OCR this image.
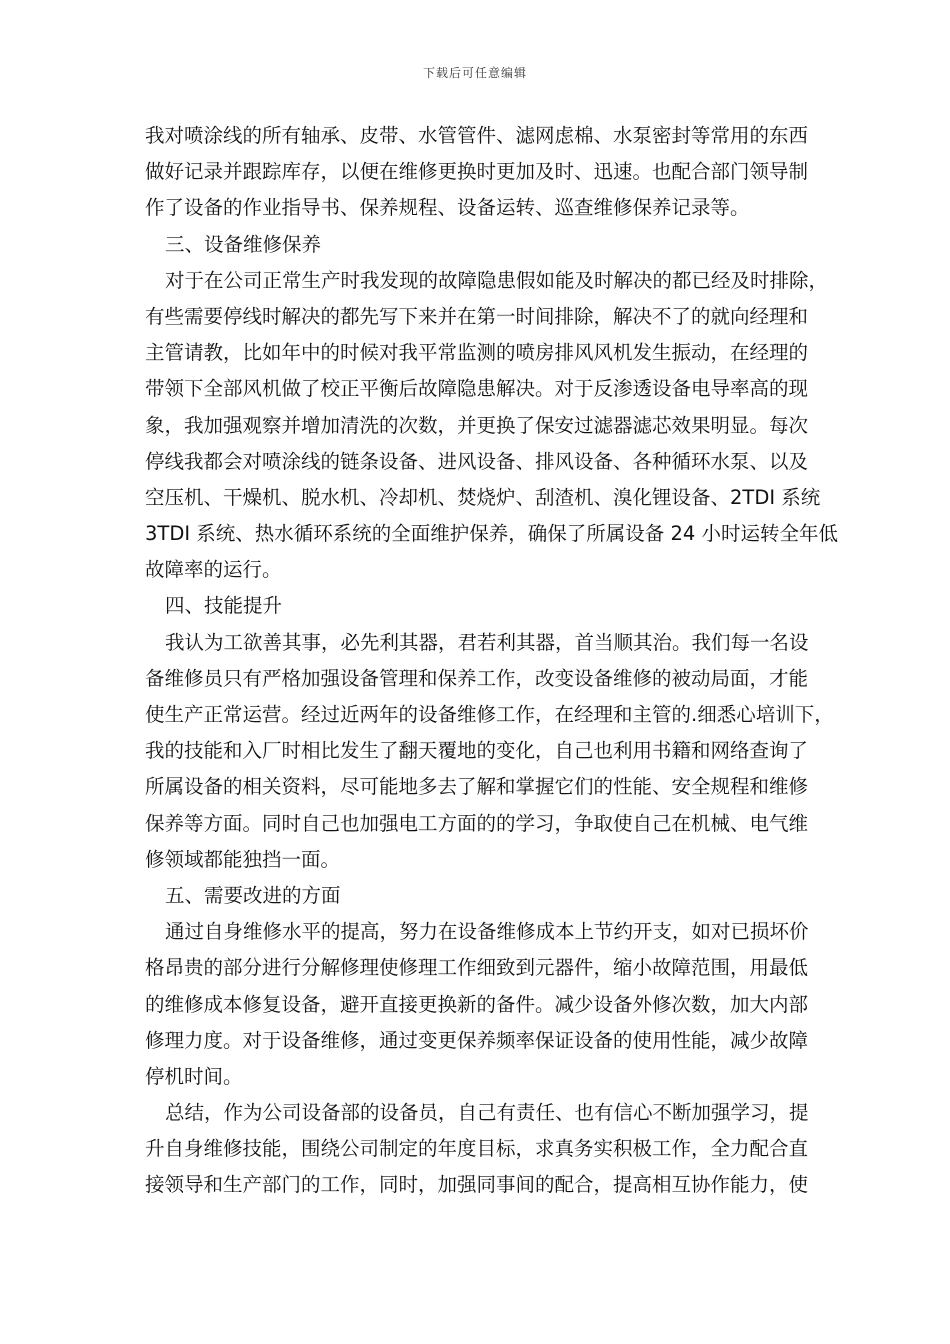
下载后可任意编辑
我对喷涂线的所有轴承、皮带、水管管件、滤网虑棉、水泵密封等常用的东西
做好记录并跟踪库存，以便在维修更换时更加及时、迅速。也配合部门领导制
作了设备的作业指导书、保养规程、设备运转、巡查维修保养记录等。
三、设备维修保养
对于在公司正常生产时我发现的故障隐患假如能及时解决的都已经及时排除，
有些需要停线时解决的都先写下来并在第一时间排除，解决不了的就向经理和
主管请教，比如年中的时候对我平常监测的喷房排风风机发生振动，在经理的
带领下全部风机做了校正平衡后故障隐患解决。对于反渗透设备电导率高的现
象，我加强观察并增加清洗的次数，并更换了保安过滤器滤芯效果明显。每次
停线我都会对喷涂线的链条设备、进风设备、排风设备、各种循环水泵、以及
空压机、干燥机、脱水机、冷却机、焚烧炉、刮渣机、溴化锂设备、2TDI 系统
3TDI 系统、热水循环系统的全面维护保养，确保了所属设备 24 小时运转全年低
故障率的运行。
四、技能提升
我认为工欲善其事，必先利其器，君若利其器，首当顺其治。我们每一名设
备维修员只有严格加强设备管理和保养工作，改变设备维修的被动局面，才能
使生产正常运营。经过近两年的设备维修工作，在经理和主管的.细悉心培训下，
我的技能和入厂时相比发生了翻天覆地的变化，自己也利用书籍和网络查询了
所属设备的相关资料，尽可能地多去了解和掌握它们的性能、安全规程和维修
保养等方面。同时自己也加强电工方面的的学习，争取使自己在机械、电气维
修领域都能独挡一面。
五、需要改进的方面
通过自身维修水平的提高，努力在设备维修成本上节约开支，如对已损坏价
格昂贵的部分进行分解修理使修理工作细致到元器件，缩小故障范围，用最低
的维修成本修复设备，避开直接更换新的备件。减少设备外修次数，加大内部
修理力度。对于设备维修，通过变更保养频率保证设备的使用性能，减少故障
停机时间。
总结，作为公司设备部的设备员，自己有责任、也有信心不断加强学习，提
升自身维修技能，围绕公司制定的年度目标，求真务实积极工作，全力配合直
接领导和生产部门的工作，同时，加强同事间的配合，提高相互协作能力，使
